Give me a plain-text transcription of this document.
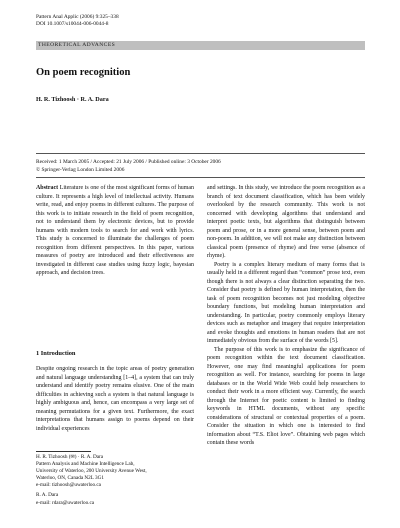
Pattern Anal Applic (2006) 9:325–338
DOI 10.1007/s10044-006-0044-8
THEORETICAL ADVANCES
On poem recognition
H. R. Tizhoosh · R. A. Dara
Received: 1 March 2005 / Accepted: 21 July 2006 / Published online: 3 October 2006
© Springer-Verlag London Limited 2006

Abstract Literature is one of the most significant forms of human culture. It represents a high level of intellectual activity. Humans write, read, and enjoy poems in different cultures. The purpose of this work is to initiate research in the field of poem recognition, not to understand them by electronic devices, but to provide humans with modern tools to search for and work with lyrics. This study is concerned to illuminate the challenges of poem recognition from different perspectives. In this paper, various measures of poetry are introduced and their effectiveness are investigated in different case studies using fuzzy logic, bayesian approach, and decision trees.

1 Introduction

Despite ongoing research in the topic areas of poetry generation and natural language understanding [1–4], a system that can truly understand and identify poetry remains elusive. One of the main difficulties in achieving such a system is that natural language is highly ambiguous and, hence, can encompass a very large set of meaning permutations for a given text. Furthermore, the exact interpretations that humans assign to poems depend on their individual experiences

H. R. Tizhoosh (✉) · R. A. Dara
Pattern Analysis and Machine Intelligence Lab,
University of Waterloo, 200 University Avenue West,
Waterloo, ON, Canada N2L 3G1
e-mail: tizhoosh@uwaterloo.ca
R. A. Dara
e-mail: rdara@uwaterloo.ca

and settings. In this study, we introduce the poem recognition as a branch of text document classification, which has been widely overlooked by the research community. This work is not concerned with developing algorithms that understand and interpret poetic texts, but algorithms that distinguish between poem and prose, or in a more general sense, between poem and non-poem. In addition, we will not make any distinction between classical poem (presence of rhyme) and free verse (absence of rhyme).

Poetry is a complex literary medium of many forms that is usually held in a different regard than “common” prose text, even though there is not always a clear distinction separating the two. Consider that poetry is defined by human interpretation, then the task of poem recognition becomes not just modeling objective boundary functions, but modeling human interpretation and understanding. In particular, poetry commonly employs literary devices such as metaphor and imagery that require interpretation and evoke thoughts and emotions in human readers that are not immediately obvious from the surface of the words [5].

The purpose of this work is to emphasize the significance of poem recognition within the text document classification. However, one may find meaningful applications for poem recognition as well. For instance, searching for poems in large databases or in the World Wide Web could help researchers to conduct their work in a more efficient way. Currently, the search through the Internet for poetic content is limited to finding keywords in HTML documents, without any specific considerations of structural or contextual properties of a poem. Consider the situation in which one is interested to find information about “T.S. Eliot love”. Obtaining web pages which contain these words
